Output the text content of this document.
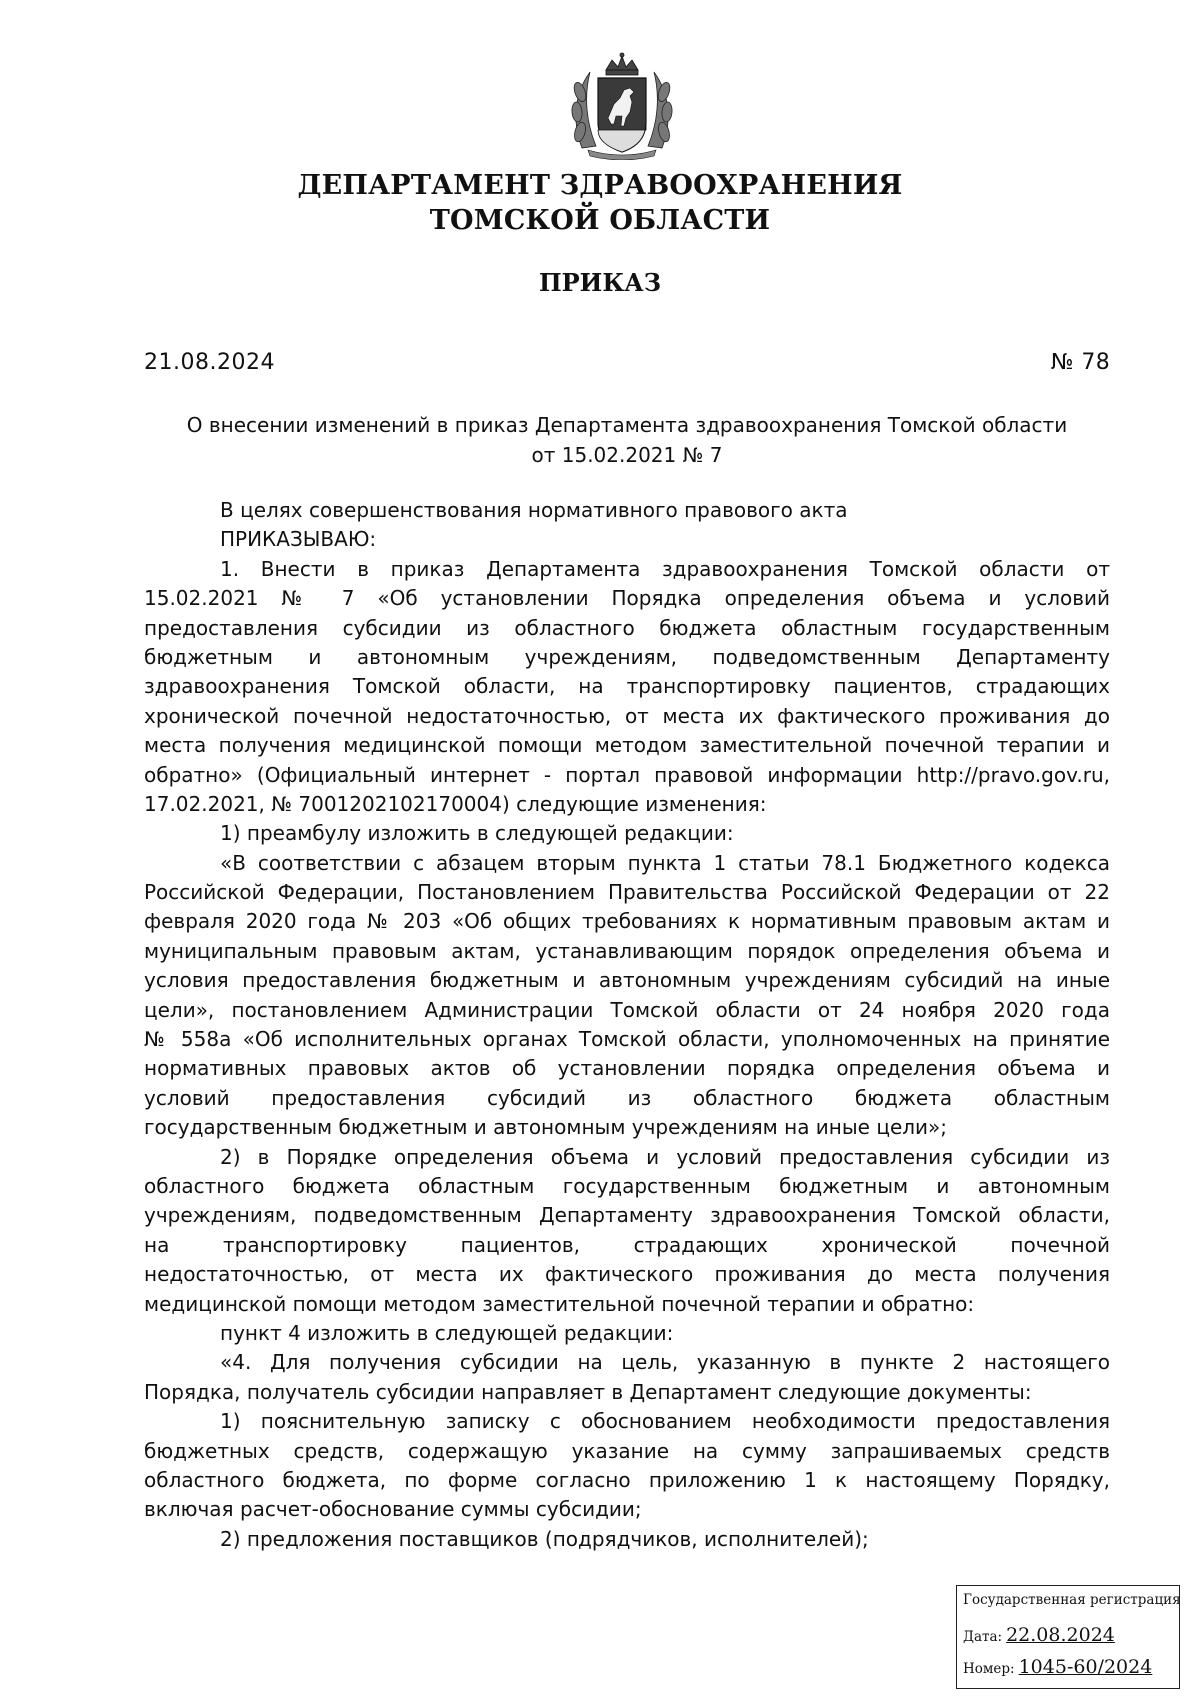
ДЕПАРТАМЕНТ ЗДРАВООХРАНЕНИЯ
ТОМСКОЙ ОБЛАСТИ
ПРИКАЗ
21.08.2024	№ 78
О внесении изменений в приказ Департамента здравоохранения Томской области
от 15.02.2021 № 7
В целях совершенствования нормативного правового акта
ПРИКАЗЫВАЮ:
1. Внести в приказ Департамента здравоохранения Томской области от
15.02.2021 № 7 «Об установлении Порядка определения объема и условий
предоставления субсидии из областного бюджета областным государственным
бюджетным и автономным учреждениям, подведомственным Департаменту
здравоохранения Томской области, на транспортировку пациентов, страдающих
хронической почечной недостаточностью, от места их фактического проживания до
места получения медицинской помощи методом заместительной почечной терапии и
обратно» (Официальный интернет - портал правовой информации http://pravo.gov.ru,
17.02.2021, № 7001202102170004) следующие изменения:
1) преамбулу изложить в следующей редакции:
«В соответствии с абзацем вторым пункта 1 статьи 78.1 Бюджетного кодекса
Российской Федерации, Постановлением Правительства Российской Федерации от 22
февраля 2020 года № 203 «Об общих требованиях к нормативным правовым актам и
муниципальным правовым актам, устанавливающим порядок определения объема и
условия предоставления бюджетным и автономным учреждениям субсидий на иные
цели», постановлением Администрации Томской области от 24 ноября 2020 года
№ 558а «Об исполнительных органах Томской области, уполномоченных на принятие
нормативных правовых актов об установлении порядка определения объема и
условий предоставления субсидий из областного бюджета областным
государственным бюджетным и автономным учреждениям на иные цели»;
2) в Порядке определения объема и условий предоставления субсидии из
областного бюджета областным государственным бюджетным и автономным
учреждениям, подведомственным Департаменту здравоохранения Томской области,
на транспортировку пациентов, страдающих хронической почечной
недостаточностью, от места их фактического проживания до места получения
медицинской помощи методом заместительной почечной терапии и обратно:
пункт 4 изложить в следующей редакции:
«4. Для получения субсидии на цель, указанную в пункте 2 настоящего
Порядка, получатель субсидии направляет в Департамент следующие документы:
1) пояснительную записку с обоснованием необходимости предоставления
бюджетных средств, содержащую указание на сумму запрашиваемых средств
областного бюджета, по форме согласно приложению 1 к настоящему Порядку,
включая расчет-обоснование суммы субсидии;
2) предложения поставщиков (подрядчиков, исполнителей);
Государственная регистрация
Дата: 22.08.2024
Номер: 1045-60/2024
